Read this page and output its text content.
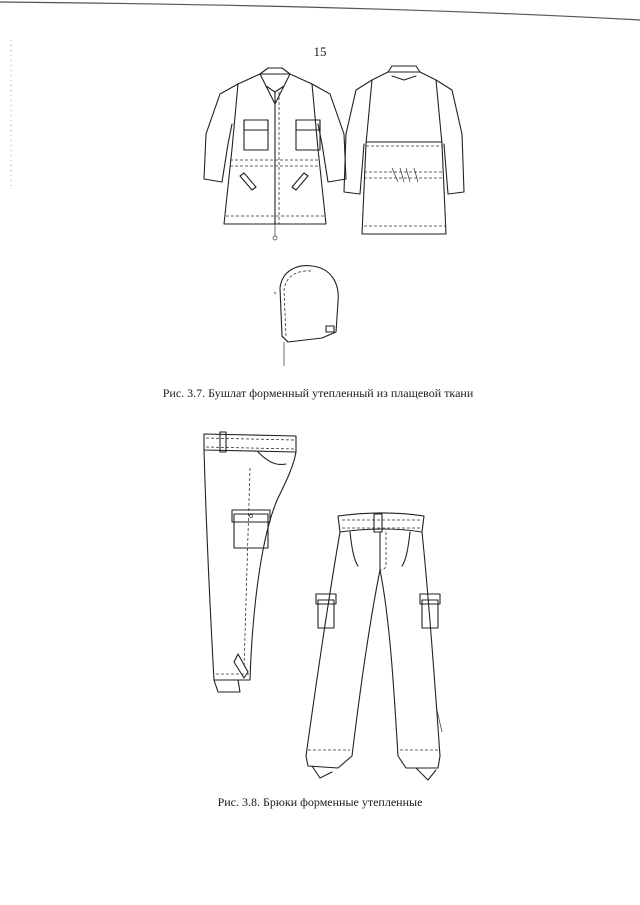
15
Рис. 3.7. Бушлат форменный утепленный из плащевой ткани
Рис. 3.8. Брюки форменные утепленные
